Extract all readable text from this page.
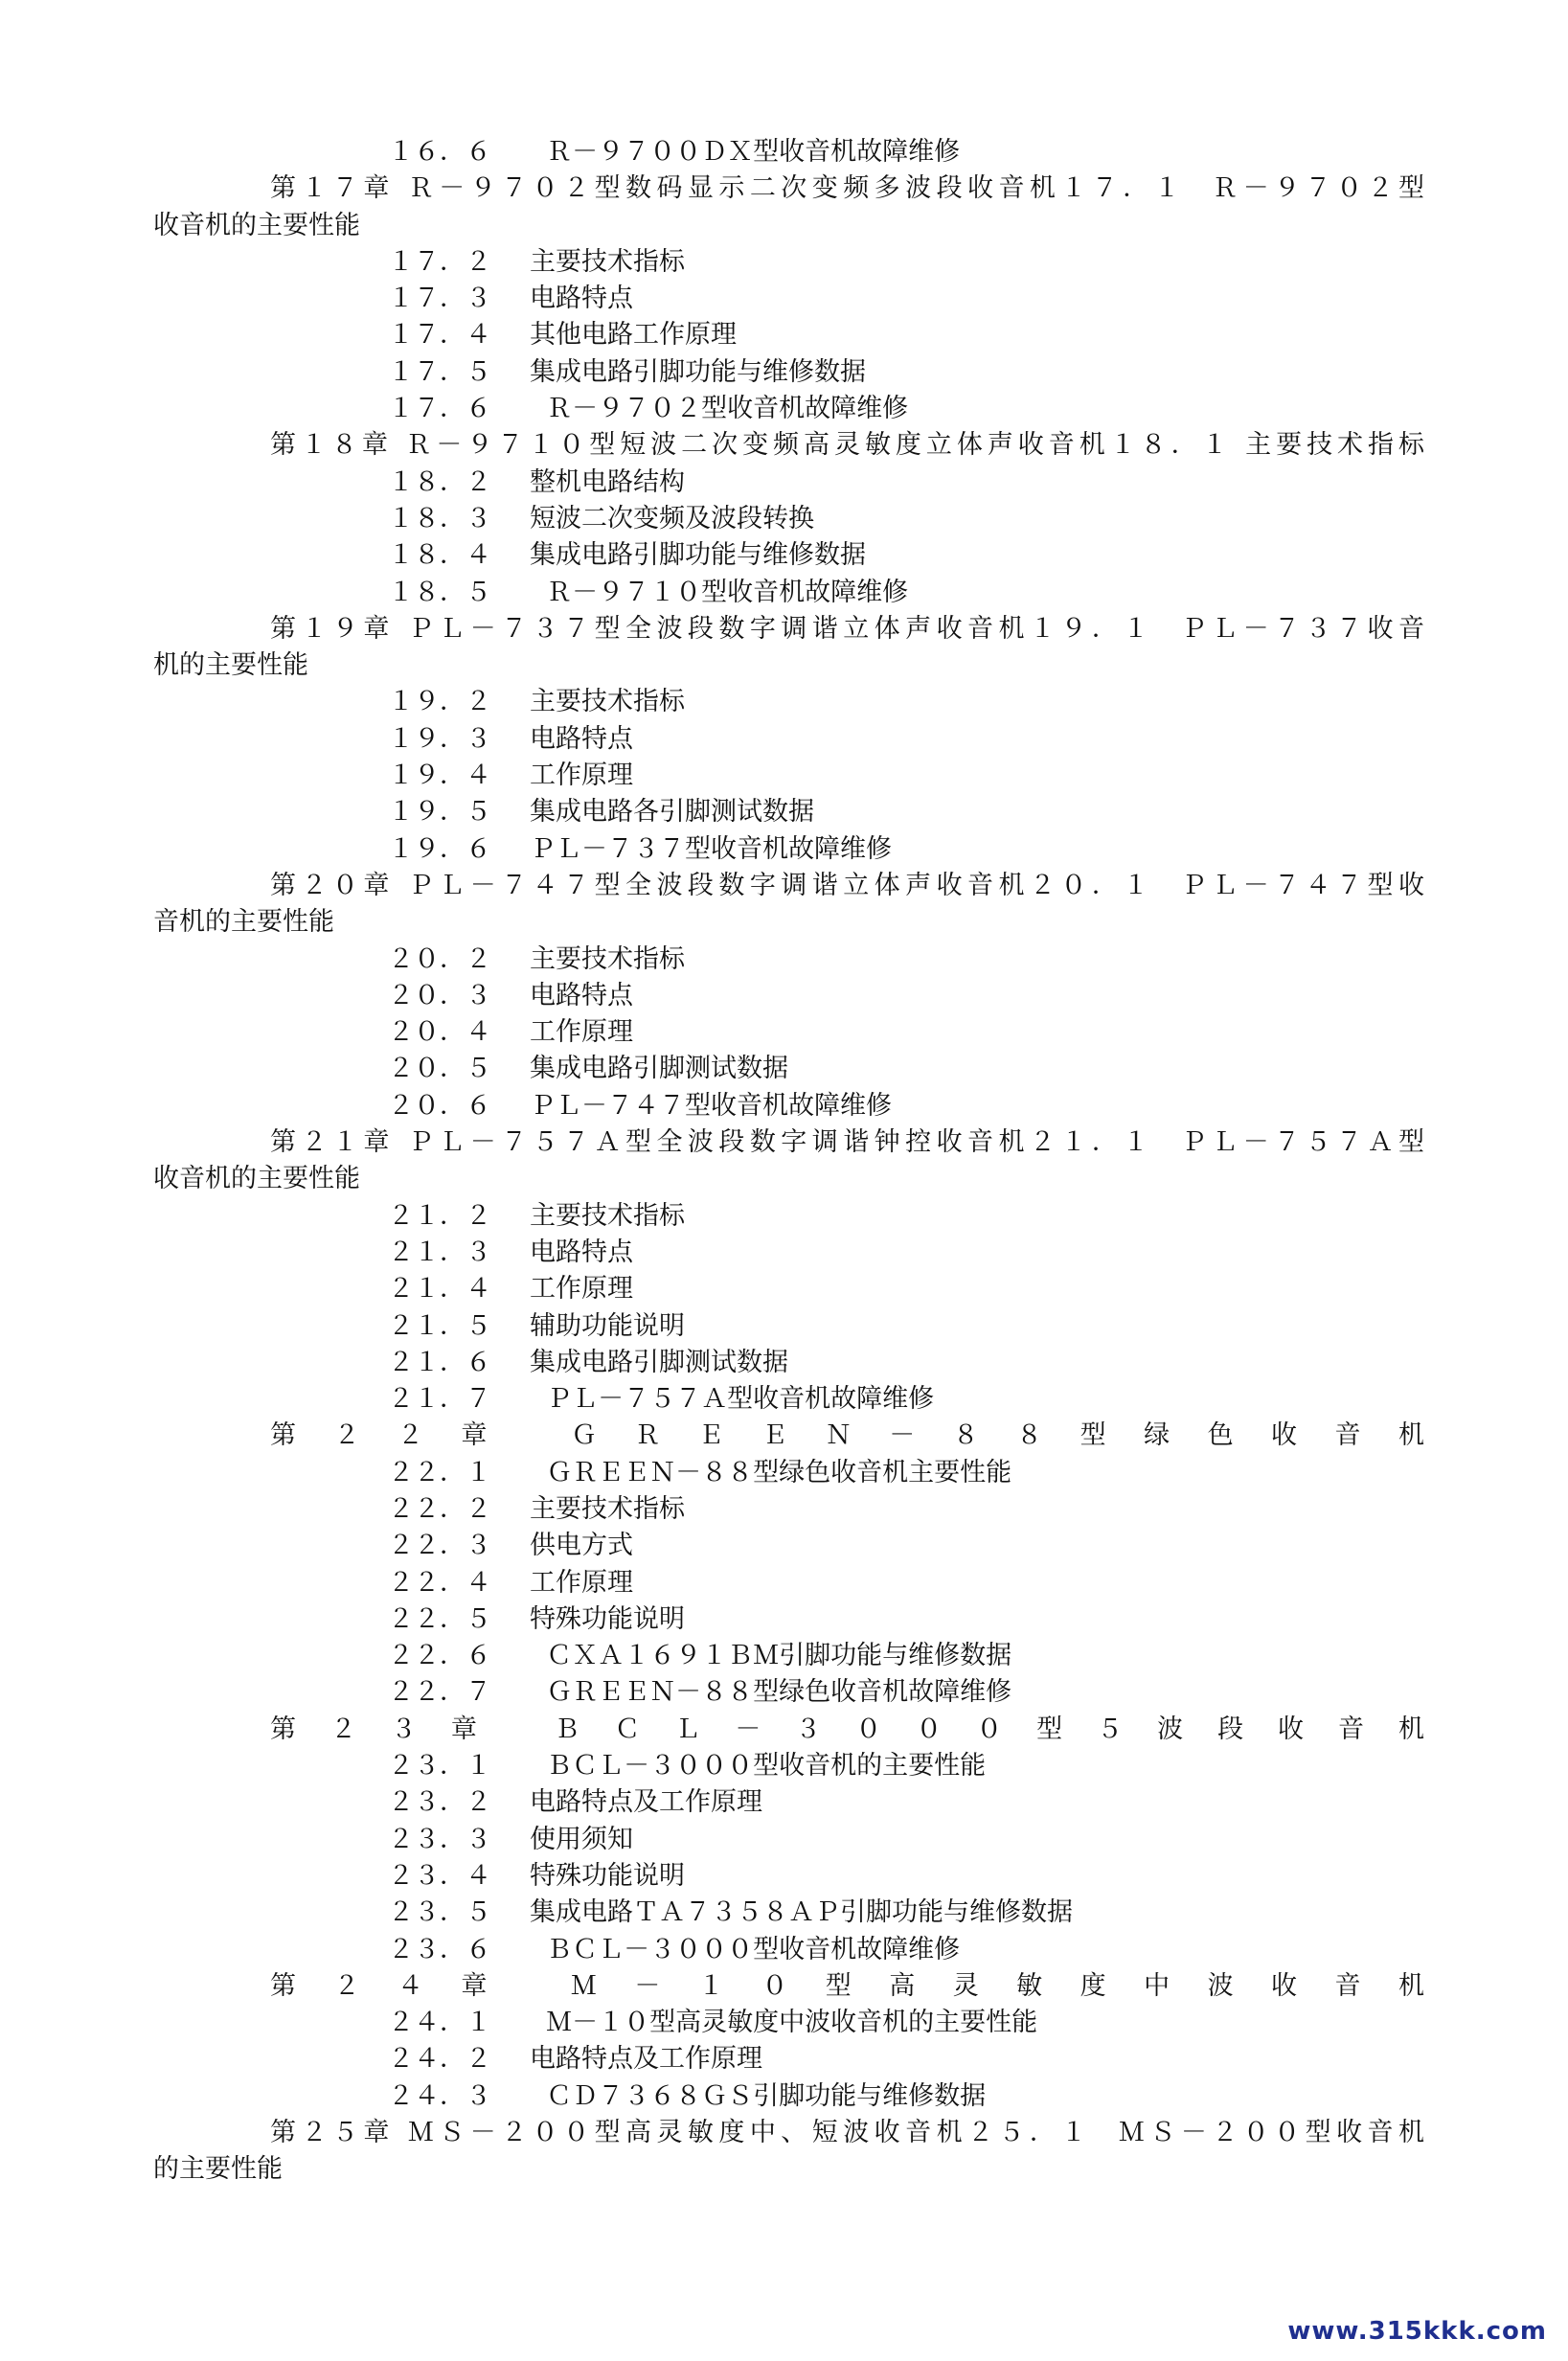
１６．６  Ｒ－９７００ＤＸ型收音机故障维修
第１７章 Ｒ－９７０２型数码显示二次变频多波段收音机１７．１  Ｒ－９７０２型
收音机的主要性能
１７．２ 主要技术指标
１７．３ 电路特点
１７．４ 其他电路工作原理
１７．５ 集成电路引脚功能与维修数据
１７．６  Ｒ－９７０２型收音机故障维修
第１８章 Ｒ－９７１０型短波二次变频高灵敏度立体声收音机１８．１ 主要技术指标
１８．２ 整机电路结构
１８．３ 短波二次变频及波段转换
１８．４ 集成电路引脚功能与维修数据
１８．５  Ｒ－９７１０型收音机故障维修
第１９章 ＰＬ－７３７型全波段数字调谐立体声收音机１９．１  ＰＬ－７３７收音
机的主要性能
１９．２ 主要技术指标
１９．３ 电路特点
１９．４ 工作原理
１９．５ 集成电路各引脚测试数据
１９．６ ＰＬ－７３７型收音机故障维修
第２０章 ＰＬ－７４７型全波段数字调谐立体声收音机２０．１  ＰＬ－７４７型收
音机的主要性能
２０．２ 主要技术指标
２０．３ 电路特点
２０．４ 工作原理
２０．５ 集成电路引脚测试数据
２０．６ ＰＬ－７４７型收音机故障维修
第２１章 ＰＬ－７５７Ａ型全波段数字调谐钟控收音机２１．１  ＰＬ－７５７Ａ型
收音机的主要性能
２１．２ 主要技术指标
２１．３ 电路特点
２１．４ 工作原理
２１．５ 辅助功能说明
２１．６ 集成电路引脚测试数据
２１．７  ＰＬ－７５７Ａ型收音机故障维修
第２２章 ＧＲＥＥＮ－８８型绿色收音机
２２．１  ＧＲＥＥＮ－８８型绿色收音机主要性能
２２．２ 主要技术指标
２２．３ 供电方式
２２．４ 工作原理
２２．５ 特殊功能说明
２２．６  ＣＸＡ１６９１ＢＭ引脚功能与维修数据
２２．７  ＧＲＥＥＮ－８８型绿色收音机故障维修
第２３章 ＢＣＬ－３０００型５波段收音机
２３．１  ＢＣＬ－３０００型收音机的主要性能
２３．２ 电路特点及工作原理
２３．３ 使用须知
２３．４ 特殊功能说明
２３．５ 集成电路ＴＡ７３５８ＡＰ引脚功能与维修数据
２３．６  ＢＣＬ－３０００型收音机故障维修
第２４章 Ｍ－１０型高灵敏度中波收音机
２４．１  Ｍ－１０型高灵敏度中波收音机的主要性能
２４．２ 电路特点及工作原理
２４．３  ＣＤ７３６８ＧＳ引脚功能与维修数据
第２５章 ＭＳ－２００型高灵敏度中、短波收音机２５．１  ＭＳ－２００型收音机
的主要性能
www.315kkk.com
